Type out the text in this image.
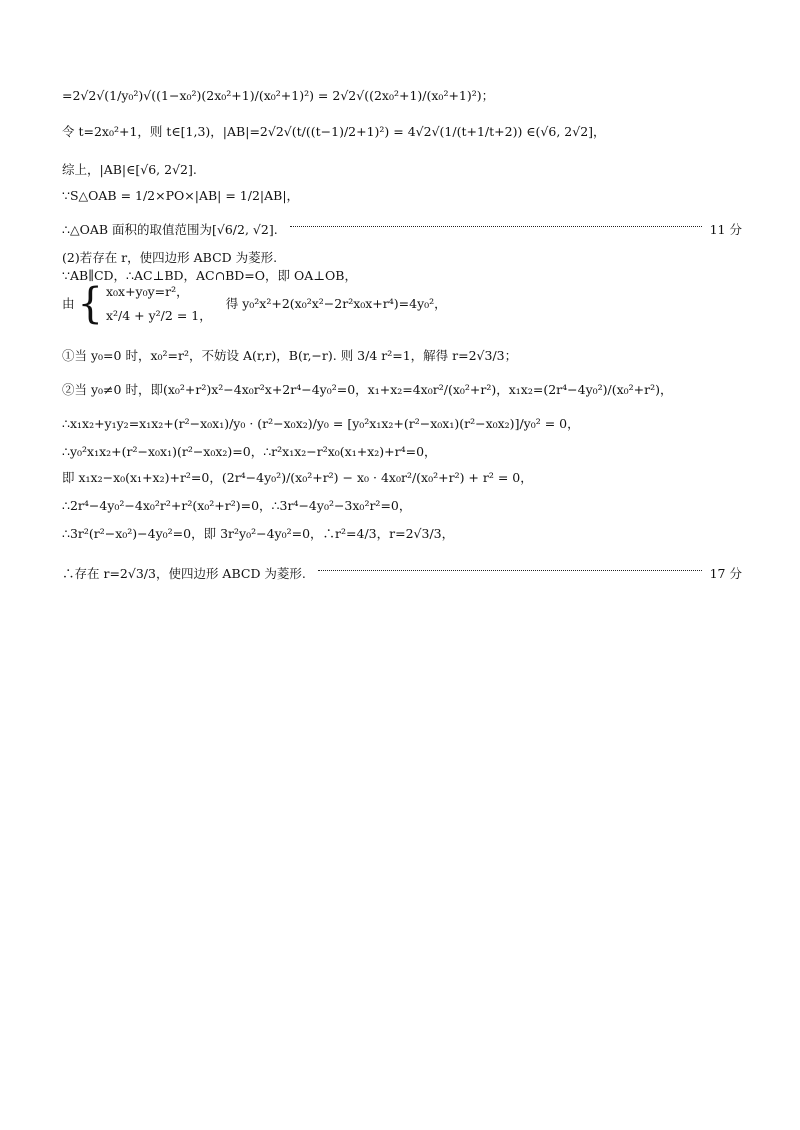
=2√2√(1/y₀²)√((1−x₀²)(2x₀²+1)/(x₀²+1)²) = 2√2√((2x₀²+1)/(x₀²+1)²)；
令 t=2x₀²+1，则 t∈[1,3)，|AB|=2√2√(t/((t−1)/2+1)²) = 4√2√(1/(t+1/t+2)) ∈(√6, 2√2]，
综上，|AB|∈[√6, 2√2].
∵S△OAB = 1/2×PO×|AB| = 1/2|AB|，
∴△OAB 面积的取值范围为[√6/2, √2].	11 分
(2)若存在 r，使四边形 ABCD 为菱形.
∵AB∥CD，∴AC⊥BD，AC∩BD=O，即 OA⊥OB，
由 { x₀x+y₀y=r²，
x²/4 + y²/2 = 1，
得 y₀²x²+2(x₀²x²−2r²x₀x+r⁴)=4y₀²，
①当 y₀=0 时，x₀²=r²，不妨设 A(r,r)，B(r,−r). 则 3/4 r²=1，解得 r=2√3/3；
②当 y₀≠0 时，即(x₀²+r²)x²−4x₀r²x+2r⁴−4y₀²=0，x₁+x₂=4x₀r²/(x₀²+r²)，x₁x₂=(2r⁴−4y₀²)/(x₀²+r²)，
∴x₁x₂+y₁y₂=x₁x₂+(r²−x₀x₁)/y₀ · (r²−x₀x₂)/y₀ = [y₀²x₁x₂+(r²−x₀x₁)(r²−x₀x₂)]/y₀² = 0，
∴y₀²x₁x₂+(r²−x₀x₁)(r²−x₀x₂)=0，∴r²x₁x₂−r²x₀(x₁+x₂)+r⁴=0，
即 x₁x₂−x₀(x₁+x₂)+r²=0，(2r⁴−4y₀²)/(x₀²+r²) − x₀ · 4x₀r²/(x₀²+r²) + r² = 0，
∴2r⁴−4y₀²−4x₀²r²+r²(x₀²+r²)=0，∴3r⁴−4y₀²−3x₀²r²=0，
∴3r²(r²−x₀²)−4y₀²=0，即 3r²y₀²−4y₀²=0，∴r²=4/3，r=2√3/3，
∴存在 r=2√3/3，使四边形 ABCD 为菱形.	17 分
